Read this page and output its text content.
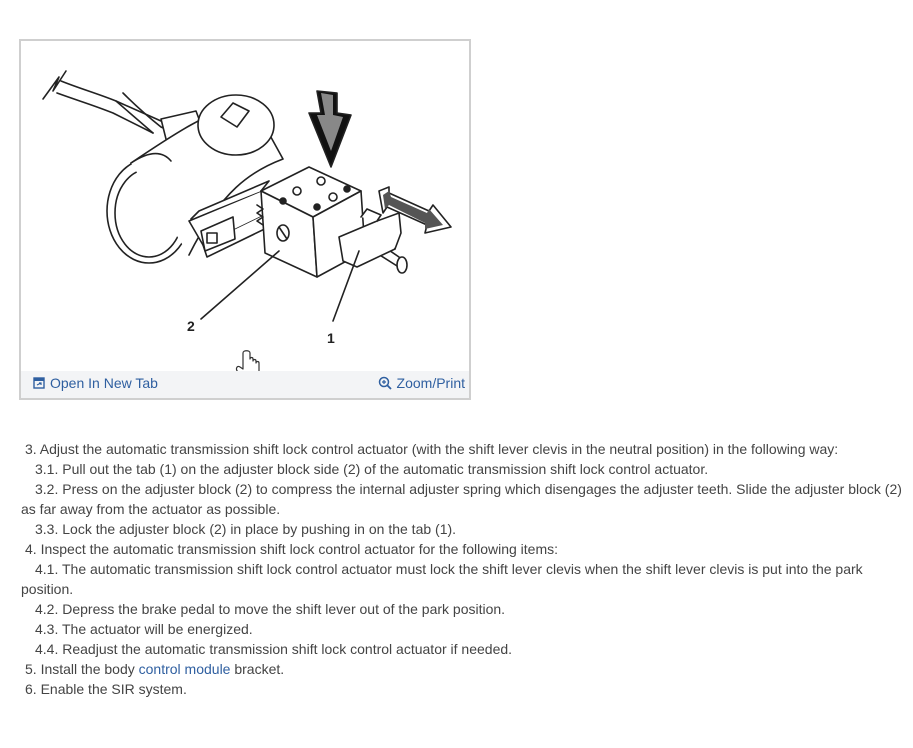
2
1
Open In New Tab	Zoom/Print

3. Adjust the automatic transmission shift lock control actuator (with the shift lever clevis in the neutral position) in the following way:

3.1. Pull out the tab (1) on the adjuster block side (2) of the automatic transmission shift lock control actuator.

3.2. Press on the adjuster block (2) to compress the internal adjuster spring which disengages the adjuster teeth. Slide the adjuster block (2) as far away from the actuator as possible.

3.3. Lock the adjuster block (2) in place by pushing in on the tab (1).

4. Inspect the automatic transmission shift lock control actuator for the following items:

4.1. The automatic transmission shift lock control actuator must lock the shift lever clevis when the shift lever clevis is put into the park position.

4.2. Depress the brake pedal to move the shift lever out of the park position.

4.3. The actuator will be energized.

4.4. Readjust the automatic transmission shift lock control actuator if needed.

5. Install the body control module bracket.

6. Enable the SIR system.
